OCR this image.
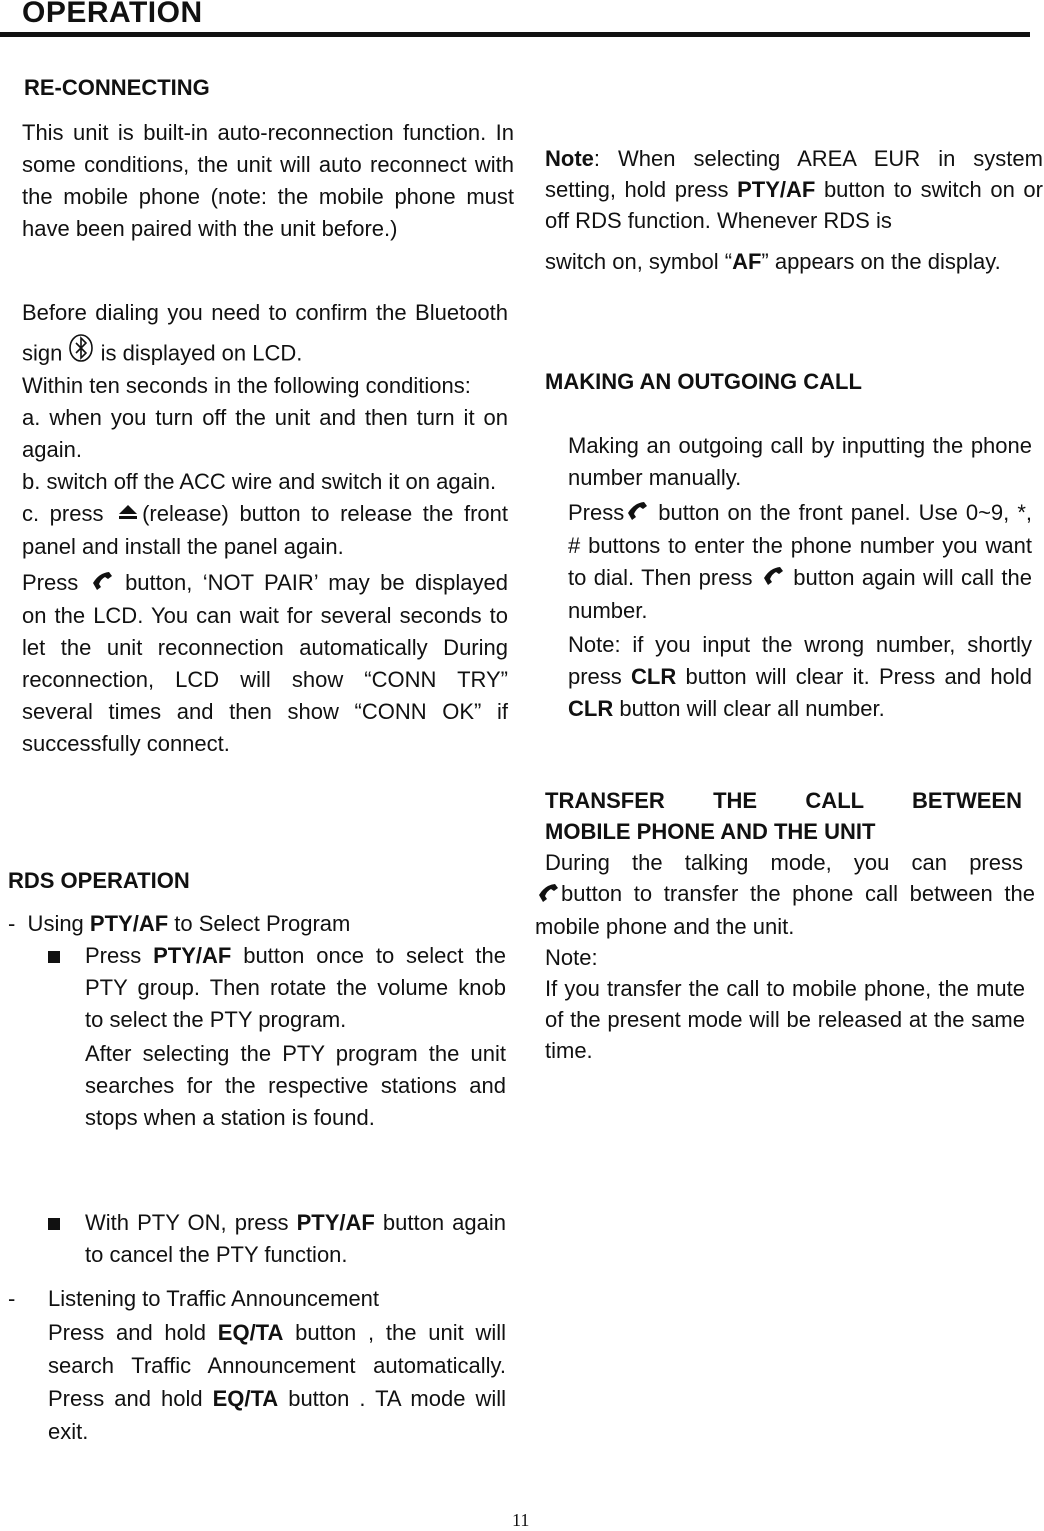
OPERATION
RE-CONNECTING

This unit is built-in auto-reconnection function. In some conditions, the unit will auto reconnect with the mobile phone (note: the mobile phone must have been paired with the unit before.)

Before dialing you need to confirm the Bluetooth sign is displayed on LCD.

Within ten seconds in the following conditions:

a. when you turn off the unit and then turn it on again.

b. switch off the ACC wire and switch it on again.

c. press (release) button to release the front panel and install the panel again.

Press button, ‘NOT PAIR’ may be displayed on the LCD. You can wait for several seconds to let the unit reconnection automatically During reconnection, LCD will show “CONN TRY” several times and then show “CONN OK” if successfully connect.

RDS OPERATION
-  Using PTY/AF to Select Program

Press PTY/AF button once to select the PTY group. Then rotate the volume knob to select the PTY program.

After selecting the PTY program the unit searches for the respective stations and stops when a station is found.

With PTY ON, press PTY/AF button again to cancel the PTY function.

- Listening to Traffic Announcement

Press and hold EQ/TA button , the unit will search Traffic Announcement automatically. Press and hold EQ/TA button . TA mode will exit.

Note: When selecting AREA EUR in system setting, hold press PTY/AF button to switch on or off RDS function. Whenever RDS is

switch on, symbol “AF” appears on the display.

MAKING AN OUTGOING CALL

Making an outgoing call by inputting the phone number manually.

Press button on the front panel. Use 0~9, *, # buttons to enter the phone number you want to dial. Then press button again will call the number.

Note: if you input the wrong number, shortly press CLR button will clear it. Press and hold CLR button will clear all number.

TRANSFER THE CALL BETWEEN
MOBILE PHONE AND THE UNIT

During the talking mode, you can press

button to transfer the phone call between the mobile phone and the unit.

Note:

If you transfer the call to mobile phone, the mute of the present mode will be released at the same time.

11
